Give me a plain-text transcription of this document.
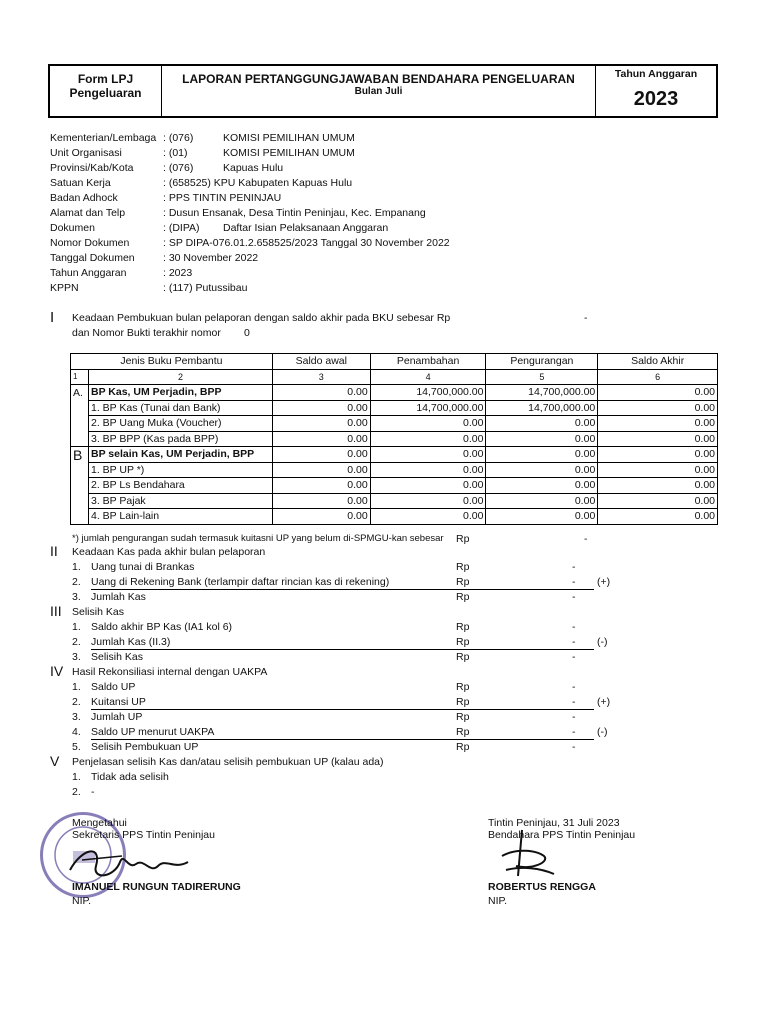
Form LPJ
Pengeluaran
LAPORAN PERTANGGUNGJAWABAN BENDAHARA PENGELUARAN
Bulan Juli
Tahun Anggaran
2023
Kementerian/Lembaga : (076)	KOMISI PEMILIHAN UMUM
Unit Organisasi	: (01)	KOMISI PEMILIHAN UMUM
Provinsi/Kab/Kota	: (076)	Kapuas Hulu
Satuan Kerja	: (658525) KPU Kabupaten Kapuas Hulu
Badan Adhock	: PPS TINTIN PENINJAU
Alamat dan Telp	: Dusun Ensanak, Desa Tintin Peninjau, Kec. Empanang
Dokumen	: (DIPA) Daftar Isian Pelaksanaan Anggaran
Nomor Dokumen	: SP DIPA-076.01.2.658525/2023 Tanggal 30 November 2022
Tanggal Dokumen	: 30 November 2022
Tahun Anggaran	: 2023
KPPN	: (117) Putussibau
I Keadaan Pembukuan bulan pelaporan dengan saldo akhir pada BKU sebesar Rp	-
dan Nomor Bukti terakhir nomor 0
Jenis Buku Pembantu		Saldo awal	Penambahan	Pengurangan	Saldo Akhir
1	2	3	4	5	6
A.	BP Kas, UM Perjadin, BPP	0.00	14,700,000.00	14,700,000.00	0.00
	1. BP Kas (Tunai dan Bank)	0.00	14,700,000.00	14,700,000.00	0.00
	2. BP Uang Muka (Voucher)	0.00	0.00	0.00	0.00
	3. BP BPP (Kas pada BPP)	0.00	0.00	0.00	0.00
B	BP selain Kas, UM Perjadin, BPP	0.00	0.00	0.00	0.00
	1. BP UP *)	0.00	0.00	0.00	0.00
	2. BP Ls Bendahara	0.00	0.00	0.00	0.00
	3. BP Pajak	0.00	0.00	0.00	0.00
	4. BP Lain-lain	0.00	0.00	0.00	0.00
*) jumlah pengurangan sudah termasuk kuitasni UP yang belum di-SPMGU-kan sebesar Rp	-
II Keadaan Kas pada akhir bulan pelaporan
1. Uang tunai di Brankas	Rp	-
2. Uang di Rekening Bank (terlampir daftar rincian kas di rekening)	Rp	- (+)
3. Jumlah Kas	Rp	-
III Selisih Kas
1. Saldo akhir BP Kas (IA1 kol 6)	Rp	-
2. Jumlah Kas (II.3)	Rp	- (-)
3. Selisih Kas	Rp	-
IV Hasil Rekonsiliasi internal dengan UAKPA
1. Saldo UP	Rp	-
2. Kuitansi UP	Rp	- (+)
3. Jumlah UP	Rp	-
4. Saldo UP menurut UAKPA	Rp	- (-)
5. Selisih Pembukuan UP	Rp	-
V Penjelasan selisih Kas dan/atau selisih pembukuan UP (kalau ada)
1. Tidak ada selisih
2. -
Mengetahui
Sekretaris PPS Tintin Peninjau
IMANUEL RUNGUN TADIRERUNG
NIP.
Tintin Peninjau, 31 Juli 2023
Bendahara PPS Tintin Peninjau
ROBERTUS RENGGA
NIP.
